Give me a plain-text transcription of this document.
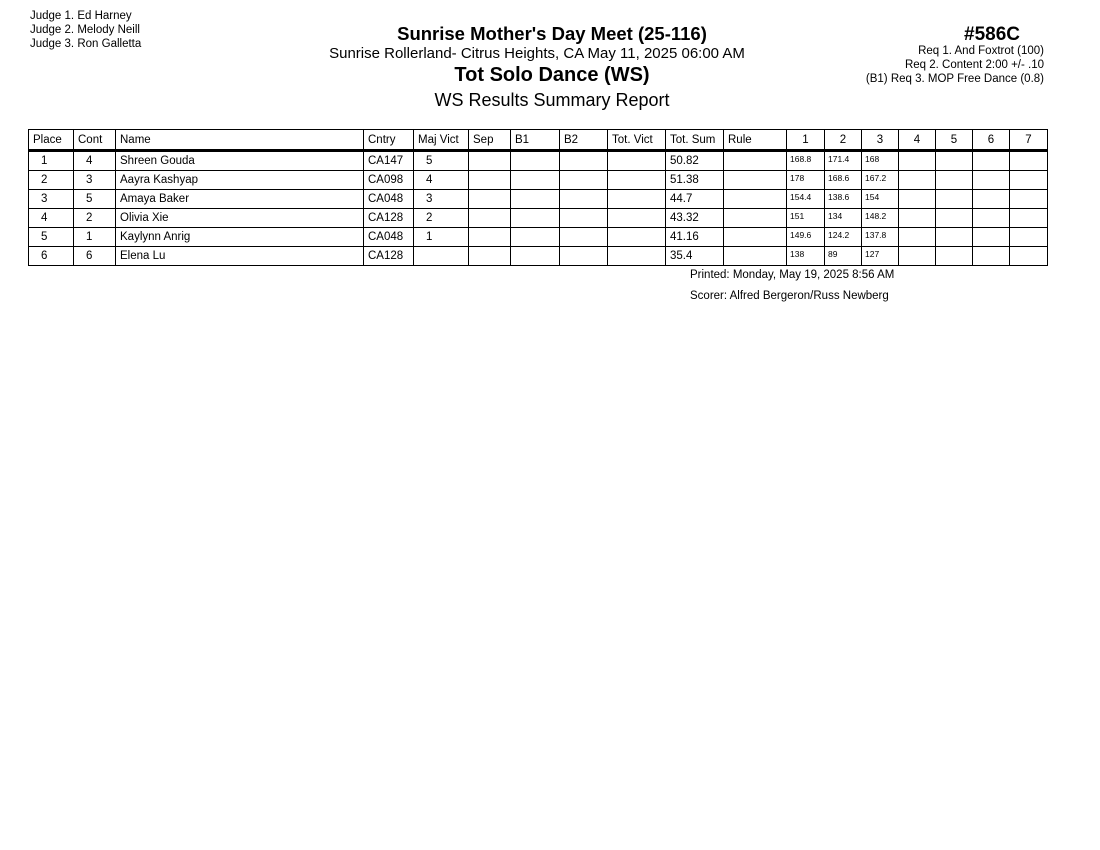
Judge 1. Ed Harney
Judge 2. Melody Neill
Judge 3. Ron Galletta	Sunrise Mother's Day Meet (25-116)
Sunrise Rollerland- Citrus Heights, CA May 11, 2025 06:00 AM
Tot Solo Dance (WS)
WS Results Summary Report
#586C
Req 1. And Foxtrot (100)
Req 2. Content 2:00 +/- .10
(B1) Req 3. MOP Free Dance (0.8)
Place	Cont	Name	Cntry	Maj Vict	Sep	B1	B2	Tot. Vict	Tot. Sum	Rule	1	2	3	4	5	6	7
1	4	Shreen Gouda	CA147	5					50.82		168.8	171.4	168				
2	3	Aayra Kashyap	CA098	4					51.38		178	168.6	167.2				
3	5	Amaya Baker	CA048	3					44.7		154.4	138.6	154				
4	2	Olivia Xie	CA128	2					43.32		151	134	148.2				
5	1	Kaylynn Anrig	CA048	1					41.16		149.6	124.2	137.8				
6	6	Elena Lu	CA128						35.4		138	89	127				
Printed: Monday, May 19, 2025 8:56 AM
Scorer: Alfred Bergeron/Russ Newberg
